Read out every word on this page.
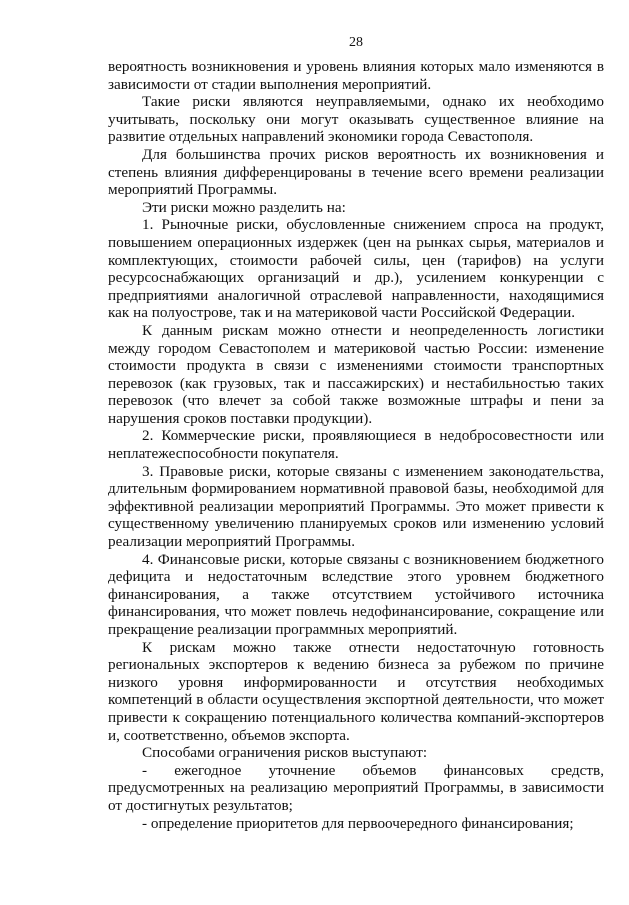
28

вероятность возникновения и уровень влияния которых мало изменяются в зависимости от стадии выполнения мероприятий.

Такие риски являются неуправляемыми, однако их необходимо учитывать, поскольку они могут оказывать существенное влияние на развитие отдельных направлений экономики города Севастополя.

Для большинства прочих рисков вероятность их возникновения и степень влияния дифференцированы в течение всего времени реализации мероприятий Программы.

Эти риски можно разделить на:

1. Рыночные риски, обусловленные снижением спроса на продукт, повышением операционных издержек (цен на рынках сырья, материалов и комплектующих, стоимости рабочей силы, цен (тарифов) на услуги ресурсоснабжающих организаций и др.), усилением конкуренции с предприятиями аналогичной отраслевой направленности, находящимися как на полуострове, так и на материковой части Российской Федерации.

К данным рискам можно отнести и неопределенность логистики между городом Севастополем и материковой частью России: изменение стоимости продукта в связи с изменениями стоимости транспортных перевозок (как грузовых, так и пассажирских) и нестабильностью таких перевозок (что влечет за собой также возможные штрафы и пени за нарушения сроков поставки продукции).

2. Коммерческие риски, проявляющиеся в недобросовестности или неплатежеспособности покупателя.

3. Правовые риски, которые связаны с изменением законодательства, длительным формированием нормативной правовой базы, необходимой для эффективной реализации мероприятий Программы. Это может привести к существенному увеличению планируемых сроков или изменению условий реализации мероприятий Программы.

4. Финансовые риски, которые связаны с возникновением бюджетного дефицита и недостаточным вследствие этого уровнем бюджетного финансирования, а также отсутствием устойчивого источника финансирования, что может повлечь недофинансирование, сокращение или прекращение реализации программных мероприятий.

К рискам можно также отнести недостаточную готовность региональных экспортеров к ведению бизнеса за рубежом по причине низкого уровня информированности и отсутствия необходимых компетенций в области осуществления экспортной деятельности, что может привести к сокращению потенциального количества компаний-экспортеров и, соответственно, объемов экспорта.

Способами ограничения рисков выступают:

- ежегодное уточнение объемов финансовых средств, предусмотренных на реализацию мероприятий Программы, в зависимости от достигнутых результатов;

- определение приоритетов для первоочередного финансирования;
